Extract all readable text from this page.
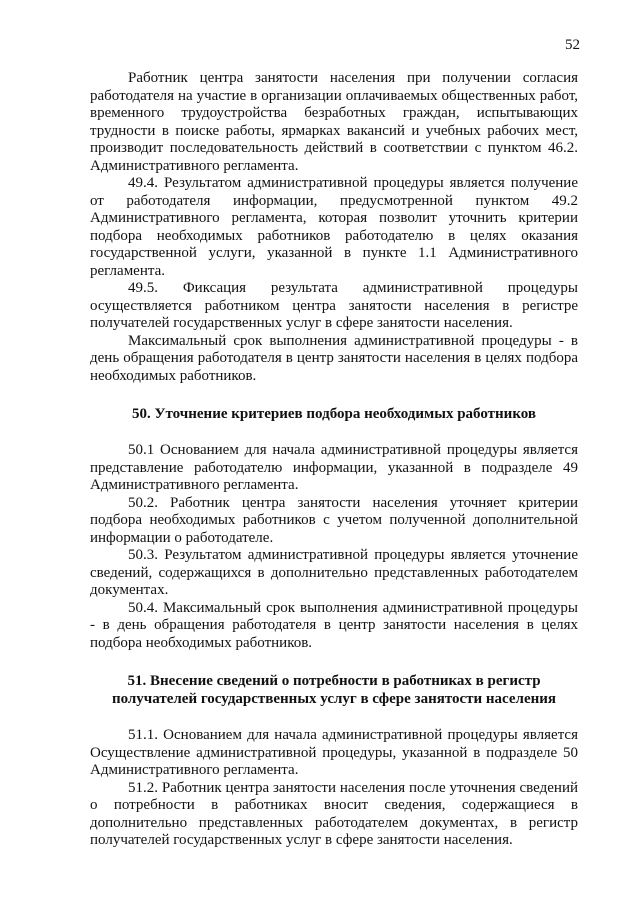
52

Работник центра занятости населения при получении согласия работодателя на участие в организации оплачиваемых общественных работ, временного трудоустройства безработных граждан, испытывающих трудности в поиске работы, ярмарках вакансий и учебных рабочих мест, производит последовательность действий в соответствии с пунктом 46.2. Административного регламента.

49.4. Результатом административной процедуры является получение от работодателя информации, предусмотренной пунктом 49.2 Административного регламента, которая позволит уточнить критерии подбора необходимых работников работодателю в целях оказания государственной услуги, указанной в пункте 1.1 Административного регламента.

49.5. Фиксация результата административной процедуры осуществляется работником центра занятости населения в регистре получателей государственных услуг в сфере занятости населения.

Максимальный срок выполнения административной процедуры - в день обращения работодателя в центр занятости населения в целях подбора необходимых работников.

50. Уточнение критериев подбора необходимых работников

50.1 Основанием для начала административной процедуры является представление работодателю информации, указанной в подразделе 49 Административного регламента.

50.2. Работник центра занятости населения уточняет критерии подбора необходимых работников с учетом полученной дополнительной информации о работодателе.

50.3. Результатом административной процедуры является уточнение сведений, содержащихся в дополнительно представленных работодателем документах.

50.4. Максимальный срок выполнения административной процедуры - в день обращения работодателя в центр занятости населения в целях подбора необходимых работников.

51. Внесение сведений о потребности в работниках в регистр

получателей государственных услуг в сфере занятости населения

51.1. Основанием для начала административной процедуры является Осуществление административной процедуры, указанной в подразделе 50 Административного регламента.

51.2. Работник центра занятости населения после уточнения сведений о потребности в работниках вносит сведения, содержащиеся в дополнительно представленных работодателем документах, в регистр получателей государственных услуг в сфере занятости населения.
